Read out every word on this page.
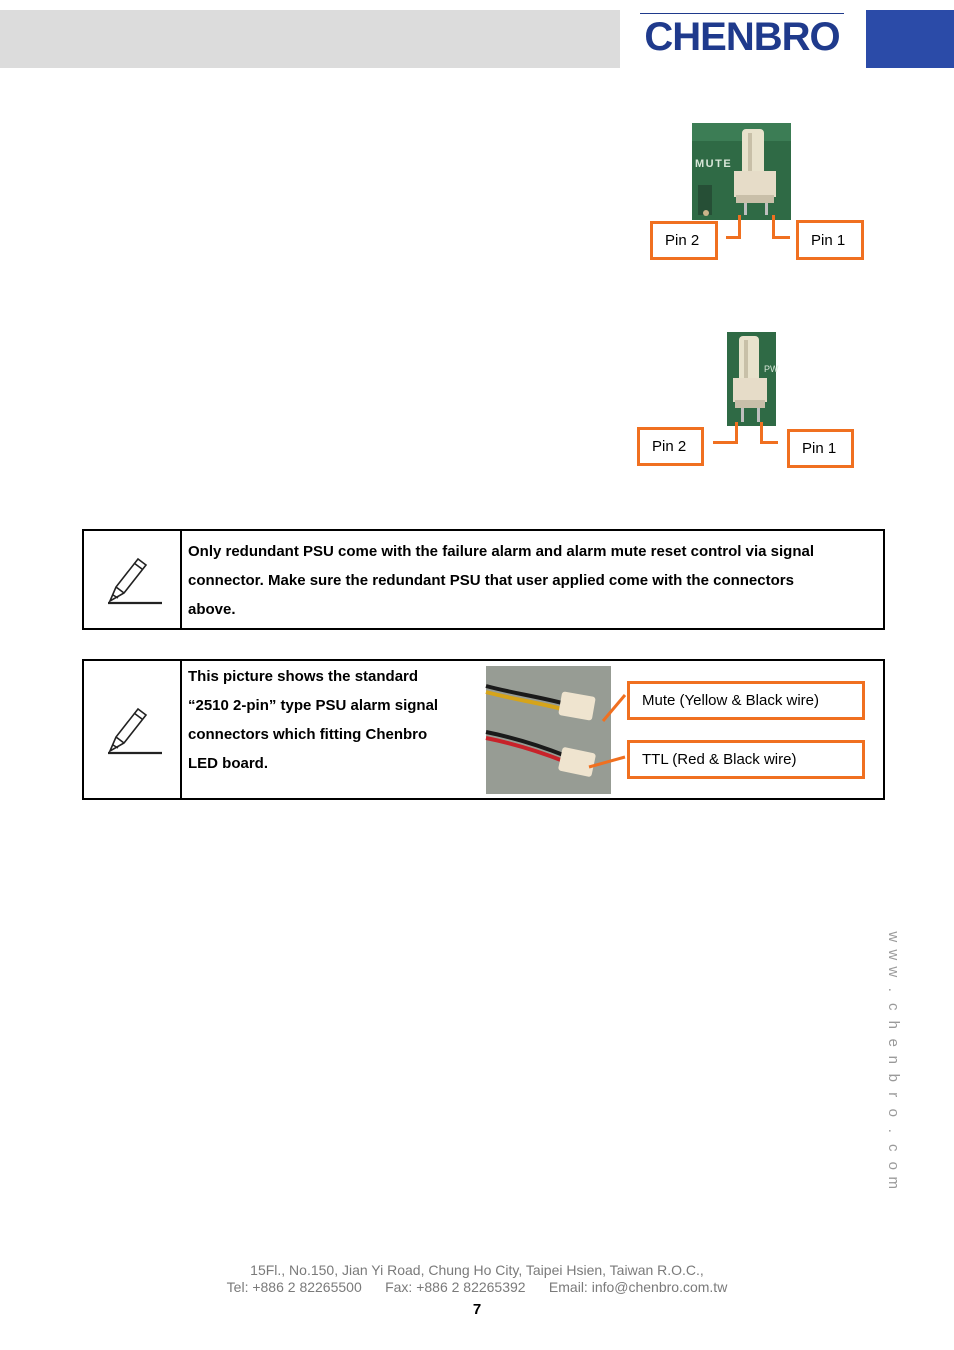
CHENBRO
MUTE
Pin 2	Pin 1
PW
Pin 2	Pin 1
Only redundant PSU come with the failure alarm and alarm mute reset control via signal
connector. Make sure the redundant PSU that user applied come with the connectors
above.
This picture shows the standard
“2510 2-pin” type PSU alarm signal
connectors which fitting Chenbro
LED board.
Mute (Yellow & Black wire)
TTL (Red & Black wire)
w
w
w
.
c
h
e
n
b
r
o
.
c
o
m
15Fl., No.150, Jian Yi Road, Chung Ho City, Taipei Hsien, Taiwan R.O.C.,
Tel: +886 2 82265500      Fax: +886 2 82265392      Email: info@chenbro.com.tw
7
